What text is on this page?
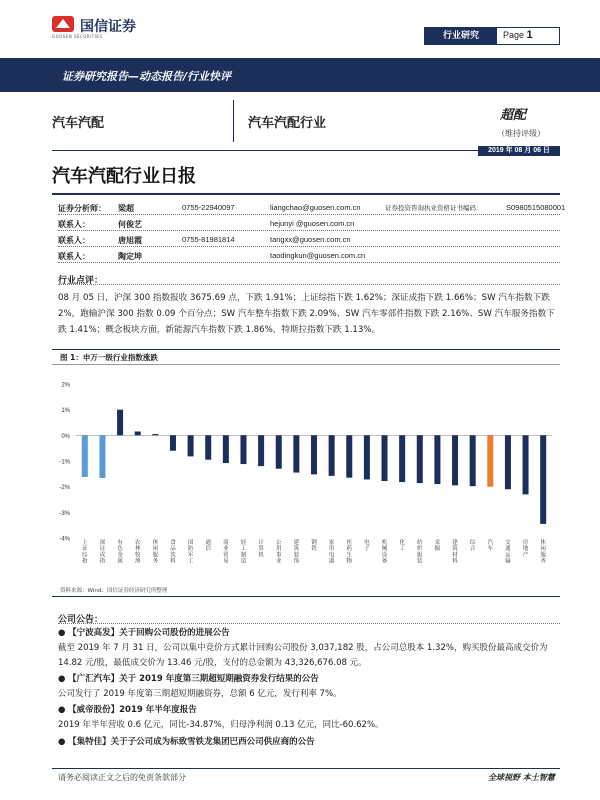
国信证券
GUOSEN SECURITIES	行业研究	Page 1
证券研究报告—动态报告/行业快评
汽车汽配	汽车汽配行业
超配
（维持评级）
2019 年 08 月 06 日
汽车汽配行业日报
证券分析师： 梁超	0755-22940097	liangchao@guosen.com.cn	证券投资咨询执业资格证书编码：	S0980515080001
联系人：	何俊艺	hejunyi @guosen.com.cn
联系人：	唐旭霞	0755-81981814	tangxx@guosen.com.cn
联系人：	陶定坤	taodingkun@guosen.com.cn
行业点评：
08 月 05 日，沪深 300 指数报收 3675.69 点，下跌 1.91%；上证综指下跌 1.62%；深证成指下跌 1.66%；SW 汽车指数下跌 2%，跑输沪深 300 指数 0.09 个百分点；SW 汽车整车指数下跌 2.09%、SW 汽车零部件指数下跌 2.16%、SW 汽车服务指数下跌 1.41%；概念板块方面，新能源汽车指数下跌 1.86%，特斯拉指数下跌 1.13%。
图 1：申万一级行业指数涨跌
2%
1%
0%
-1%
-2%
-3%
-4%
上证综指
深证成指
有色金属
农林牧渔
休闲服务
食品饮料
国防军工
通信
商业贸易
轻工制造
计算机
公用事业
建筑装饰
钢铁
家用电器
医药生物
电子
机械设备
化工
纺织服装
采掘
建筑材料
综合
汽车
交通运输
房地产
休闲服务
资料来源：Wind、国信证券经济研究所整理
公司公告：
● 【宁波高发】关于回购公司股份的进展公告
截至 2019 年 7 月 31 日，公司以集中竞价方式累计回购公司股份 3,037,182 股，占公司总股本 1.32%，购买股份最高成交价为 14.82 元/股，最低成交价为 13.46 元/股，支付的总金额为 43,326,676.08 元。
● 【广汇汽车】关于 2019 年度第三期超短期融资券发行结果的公告
公司发行了 2019 年度第三期超短期融资券，总额 6 亿元，发行利率 7%。
● 【威帝股份】2019 年半年度报告
2019 年半年营收 0.6 亿元，同比-34.87%，归母净利润 0.13 亿元，同比-60.62%。
● 【集特佳】关于子公司成为标致雪铁龙集团巴西公司供应商的公告
请务必阅读正文之后的免责条款部分	全球视野 本土智慧
